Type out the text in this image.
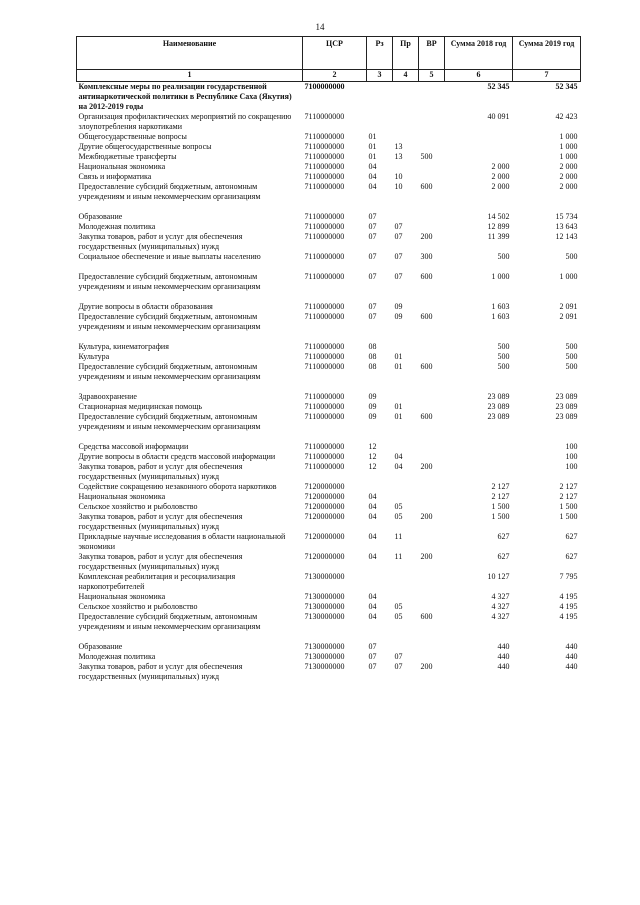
14
Наименование	ЦСР	Рз	Пр	ВР	Сумма 2018 год	Сумма 2019 год
1	2	3	4	5	6	7
Комплексные меры по реализации государственной антинаркотической политики в Республике Саха (Якутия) на 2012-2019 годы	7100000000				52 345	52 345
Организация профилактических мероприятий по сокращению злоупотребления наркотиками	7110000000				40 091	42 423
Общегосударственные вопросы	7110000000	01				1 000
Другие общегосударственные вопросы	7110000000	01	13			1 000
Межбюджетные трансферты	7110000000	01	13	500		1 000
Национальная экономика	7110000000	04			2 000	2 000
Связь и информатика	7110000000	04	10		2 000	2 000
Предоставление субсидий бюджетным, автономным учреждениям и иным некоммерческим организациям	7110000000	04	10	600	2 000	2 000

Образование	7110000000	07			14 502	15 734
Молодежная политика	7110000000	07	07		12 899	13 643
Закупка товаров, работ и услуг для обеспечения государственных (муниципальных) нужд	7110000000	07	07	200	11 399	12 143
Социальное обеспечение и иные выплаты населению	7110000000	07	07	300	500	500

Предоставление субсидий бюджетным, автономным учреждениям и иным некоммерческим организациям	7110000000	07	07	600	1 000	1 000

Другие вопросы в области образования	7110000000	07	09		1 603	2 091
Предоставление субсидий бюджетным, автономным учреждениям и иным некоммерческим организациям	7110000000	07	09	600	1 603	2 091

Культура, кинематография	7110000000	08			500	500
Культура	7110000000	08	01		500	500
Предоставление субсидий бюджетным, автономным учреждениям и иным некоммерческим организациям	7110000000	08	01	600	500	500

Здравоохранение	7110000000	09			23 089	23 089
Стационарная медицинская помощь	7110000000	09	01		23 089	23 089
Предоставление субсидий бюджетным, автономным учреждениям и иным некоммерческим организациям	7110000000	09	01	600	23 089	23 089

Средства массовой информации	7110000000	12				100
Другие вопросы в области средств массовой информации	7110000000	12	04			100
Закупка товаров, работ и услуг для обеспечения государственных (муниципальных) нужд	7110000000	12	04	200		100
Содействие сокращению незаконного оборота наркотиков	7120000000				2 127	2 127
Национальная экономика	7120000000	04			2 127	2 127
Сельское хозяйство и рыболовство	7120000000	04	05		1 500	1 500
Закупка товаров, работ и услуг для обеспечения государственных (муниципальных) нужд	7120000000	04	05	200	1 500	1 500
Прикладные научные исследования в области национальной экономики	7120000000	04	11		627	627
Закупка товаров, работ и услуг для обеспечения государственных (муниципальных) нужд	7120000000	04	11	200	627	627
Комплексная реабилитация и ресоциализация наркопотребителей	7130000000				10 127	7 795
Национальная экономика	7130000000	04			4 327	4 195
Сельское хозяйство и рыболовство	7130000000	04	05		4 327	4 195
Предоставление субсидий бюджетным, автономным учреждениям и иным некоммерческим организациям	7130000000	04	05	600	4 327	4 195

Образование	7130000000	07			440	440
Молодежная политика	7130000000	07	07		440	440
Закупка товаров, работ и услуг для обеспечения государственных (муниципальных) нужд	7130000000	07	07	200	440	440
